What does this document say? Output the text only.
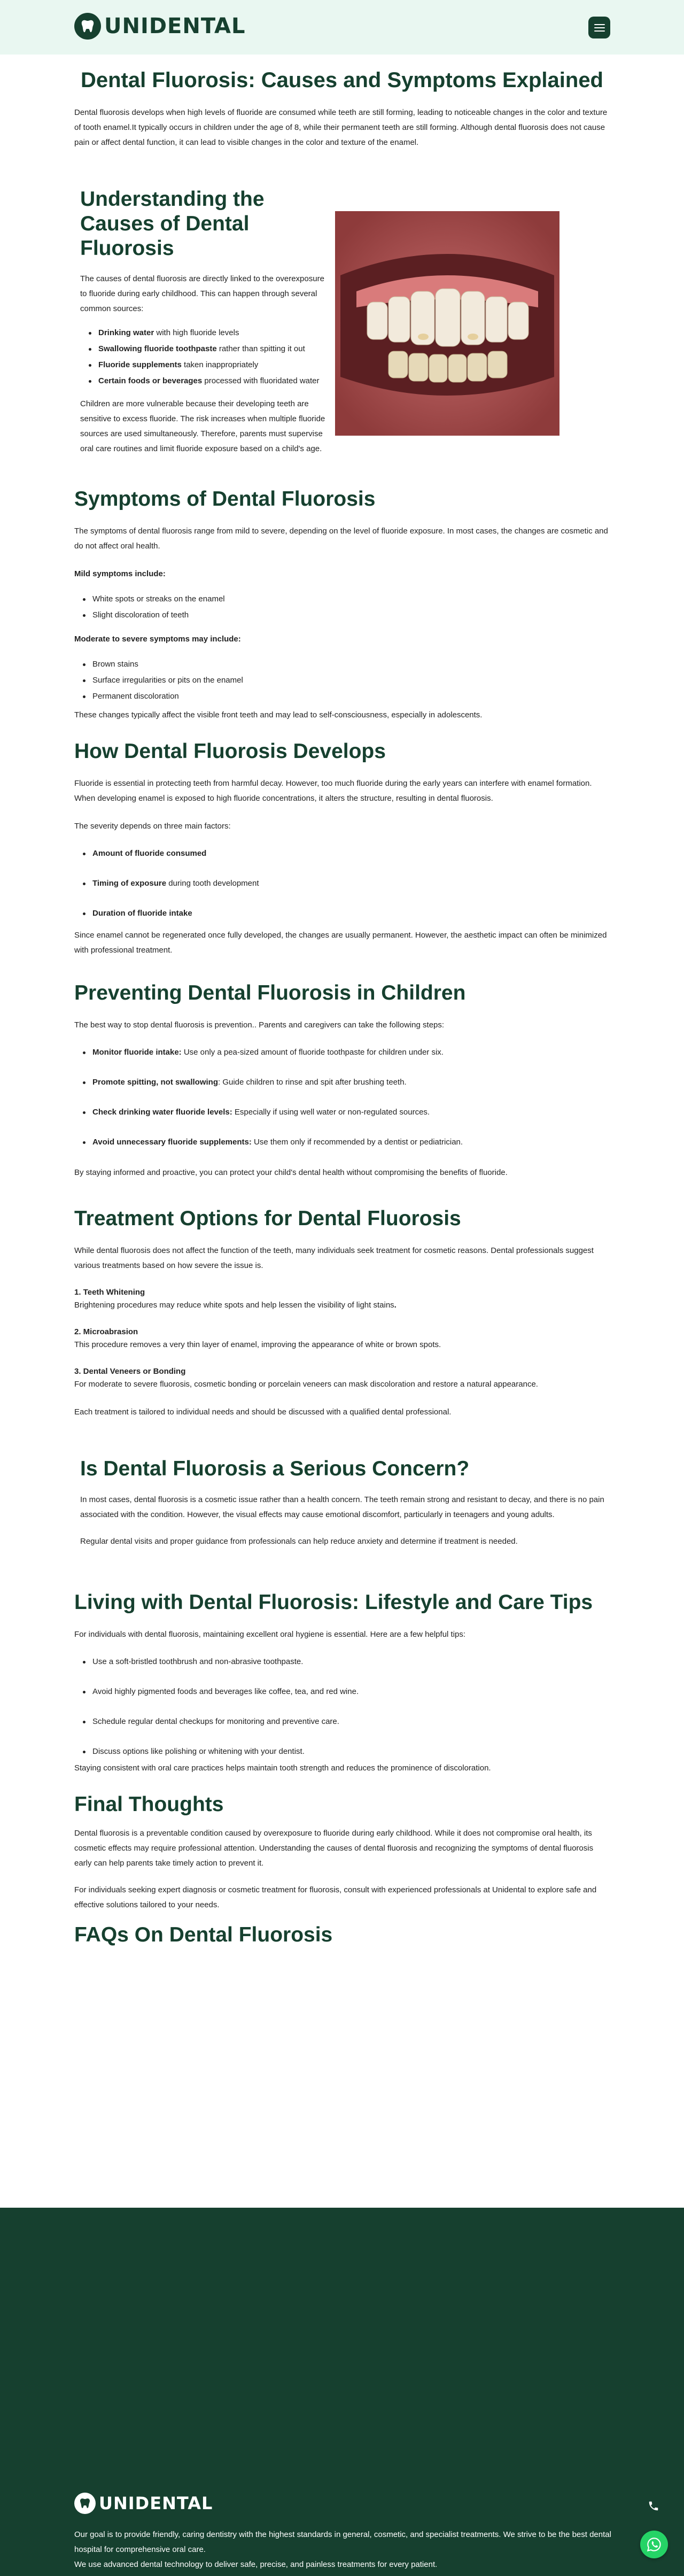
UNIDENTAL
Dental Fluorosis: Causes and Symptoms Explained

Dental fluorosis develops when high levels of fluoride are consumed while teeth are still forming, leading to noticeable changes in the color and texture of tooth enamel.It typically occurs in children under the age of 8, while their permanent teeth are still forming. Although dental fluorosis does not cause pain or affect dental function, it can lead to visible changes in the color and texture of the enamel.

Understanding the Causes of Dental Fluorosis

The causes of dental fluorosis are directly linked to the overexposure to fluoride during early childhood. This can happen through several common sources:

Drinking water with high fluoride levels
Swallowing fluoride toothpaste rather than spitting it out
Fluoride supplements taken inappropriately
Certain foods or beverages processed with fluoridated water

Children are more vulnerable because their developing teeth are sensitive to excess fluoride. The risk increases when multiple fluoride sources are used simultaneously. Therefore, parents must supervise oral care routines and limit fluoride exposure based on a child's age.

Symptoms of Dental Fluorosis

The symptoms of dental fluorosis range from mild to severe, depending on the level of fluoride exposure. In most cases, the changes are cosmetic and do not affect oral health.

Mild symptoms include:

White spots or streaks on the enamel
Slight discoloration of teeth

Moderate to severe symptoms may include:

Brown stains
Surface irregularities or pits on the enamel
Permanent discoloration

These changes typically affect the visible front teeth and may lead to self-consciousness, especially in adolescents.

How Dental Fluorosis Develops

Fluoride is essential in protecting teeth from harmful decay. However, too much fluoride during the early years can interfere with enamel formation. When developing enamel is exposed to high fluoride concentrations, it alters the structure, resulting in dental fluorosis.

The severity depends on three main factors:

Amount of fluoride consumed
Timing of exposure during tooth development
Duration of fluoride intake

Since enamel cannot be regenerated once fully developed, the changes are usually permanent. However, the aesthetic impact can often be minimized with professional treatment.

Preventing Dental Fluorosis in Children

The best way to stop dental fluorosis is prevention.. Parents and caregivers can take the following steps:

Monitor fluoride intake: Use only a pea-sized amount of fluoride toothpaste for children under six.
Promote spitting, not swallowing: Guide children to rinse and spit after brushing teeth.
Check drinking water fluoride levels: Especially if using well water or non-regulated sources.
Avoid unnecessary fluoride supplements: Use them only if recommended by a dentist or pediatrician.

By staying informed and proactive, you can protect your child's dental health without compromising the benefits of fluoride.

Treatment Options for Dental Fluorosis

While dental fluorosis does not affect the function of the teeth, many individuals seek treatment for cosmetic reasons. Dental professionals suggest various treatments based on how severe the issue is.

1. Teeth Whitening

Brightening procedures may reduce white spots and help lessen the visibility of light stains.

2. Microabrasion

This procedure removes a very thin layer of enamel, improving the appearance of white or brown spots.

3. Dental Veneers or Bonding

For moderate to severe fluorosis, cosmetic bonding or porcelain veneers can mask discoloration and restore a natural appearance.

Each treatment is tailored to individual needs and should be discussed with a qualified dental professional.

Is Dental Fluorosis a Serious Concern?

In most cases, dental fluorosis is a cosmetic issue rather than a health concern. The teeth remain strong and resistant to decay, and there is no pain associated with the condition. However, the visual effects may cause emotional discomfort, particularly in teenagers and young adults.

Regular dental visits and proper guidance from professionals can help reduce anxiety and determine if treatment is needed.

Living with Dental Fluorosis: Lifestyle and Care Tips

For individuals with dental fluorosis, maintaining excellent oral hygiene is essential. Here are a few helpful tips:

Use a soft-bristled toothbrush and non-abrasive toothpaste.
Avoid highly pigmented foods and beverages like coffee, tea, and red wine.
Schedule regular dental checkups for monitoring and preventive care.
Discuss options like polishing or whitening with your dentist.

Staying consistent with oral care practices helps maintain tooth strength and reduces the prominence of discoloration.

Final Thoughts

Dental fluorosis is a preventable condition caused by overexposure to fluoride during early childhood. While it does not compromise oral health, its cosmetic effects may require professional attention. Understanding the causes of dental fluorosis and recognizing the symptoms of dental fluorosis early can help parents take timely action to prevent it.

For individuals seeking expert diagnosis or cosmetic treatment for fluorosis, consult with experienced professionals at Unidental to explore safe and effective solutions tailored to your needs.

FAQs On Dental Fluorosis
UNIDENTAL

Our goal is to provide friendly, caring dentistry with the highest standards in general, cosmetic, and specialist treatments. We strive to be the best dental hospital for comprehensive oral care.

We use advanced dental technology to deliver safe, precise, and painless treatments for every patient.
